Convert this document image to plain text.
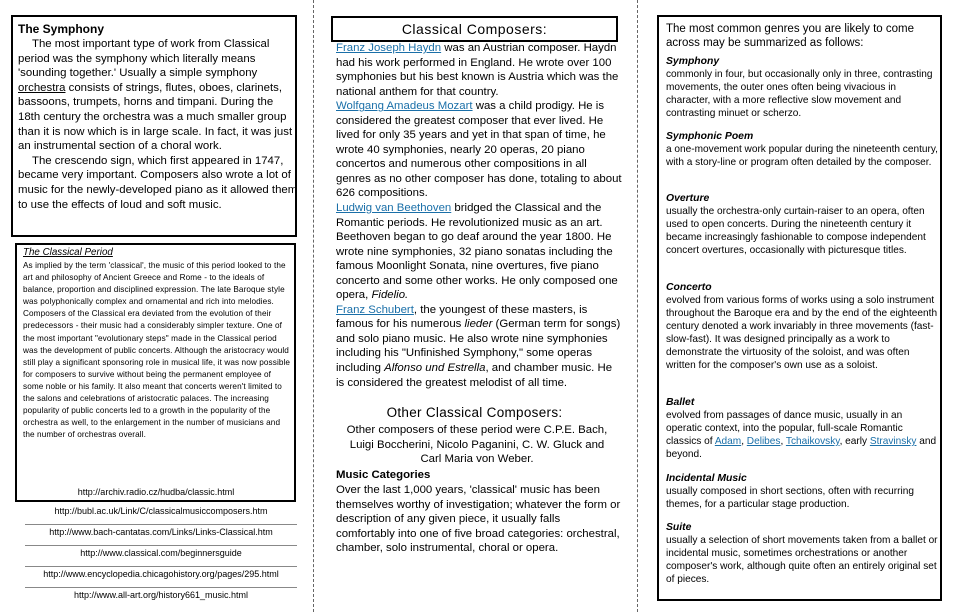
The Symphony

The most important type of work from Classical period was the symphony which literally means 'sounding together.' Usually a simple symphony orchestra consists of strings, flutes, oboes, clarinets, bassoons, trumpets, horns and timpani. During the 18th century the orchestra was a much smaller group than it is now which is in large scale. In fact, it was just an instrumental section of a choral work.

The crescendo sign, which first appeared in 1747, became very important. Composers also wrote a lot of music for the newly-developed piano as it allowed them to use the effects of loud and soft music.

The Classical Period
As implied by the term 'classical', the music of this period looked to the art and philosophy of Ancient Greece and Rome - to the ideals of balance, proportion and disciplined expression. The late Baroque style was polyphonically complex and ornamental and rich into melodies. Composers of the Classical era deviated from the evolution of their predecessors - their music had a considerably simpler texture. One of the most important "evolutionary steps" made in the Classical period was the development of public concerts. Although the aristocracy would still play a significant sponsoring role in musical life, it was now possible for composers to survive without being the permanent employee of some noble or his family. It also meant that concerts weren't limited to the salons and celebrations of aristocratic palaces. The increasing popularity of public concerts led to a growth in the popularity of the orchestra as well, to the enlargement in the number of musicians and the number of orchestras overall.
http://archiv.radio.cz/hudba/classic.html
http://bubl.ac.uk/Link/C/classicalmusiccomposers.htm
http://www.bach-cantatas.com/Links/Links-Classical.htm
http://www.classical.com/beginnersguide
http://www.encyclopedia.chicagohistory.org/pages/295.html
http://www.all-art.org/history661_music.html
Classical Composers:

Franz Joseph Haydn was an Austrian composer. Haydn had his work performed in England. He wrote over 100 symphonies but his best known is Austria which was the national anthem for that country.

Wolfgang Amadeus Mozart was a child prodigy. He is considered the greatest composer that ever lived. He lived for only 35 years and yet in that span of time, he wrote 40 symphonies, nearly 20 operas, 20 piano concertos and numerous other compositions in all genres as no other composer has done, totaling to about 626 compositions.

Ludwig van Beethoven bridged the Classical and the Romantic periods. He revolutionized music as an art. Beethoven began to go deaf around the year 1800. He wrote nine symphonies, 32 piano sonatas including the famous Moonlight Sonata, nine overtures, five piano concerto and some other works. He only composed one opera, Fidelio.

Franz Schubert, the youngest of these masters, is famous for his numerous lieder (German term for songs) and solo piano music. He also wrote nine symphonies including his "Unfinished Symphony," some operas including Alfonso und Estrella, and chamber music. He is considered the greatest melodist of all time.

Other Classical Composers:
Other composers of these period were C.P.E. Bach, Luigi Boccherini, Nicolo Paganini, C. W. Gluck and Carl Maria von Weber.
Music Categories
Over the last 1,000 years, 'classical' music has been themselves worthy of investigation; whatever the form or description of any given piece, it usually falls comfortably into one of five broad categories: orchestral, chamber, solo instrumental, choral or opera.
The most common genres you are likely to come across may be summarized as follows:

Symphony

commonly in four, but occasionally only in three, contrasting movements, the outer ones often being vivacious in character, with a more reflective slow movement and contrasting minuet or scherzo.

Symphonic Poem

a one-movement work popular during the nineteenth century, with a story-line or program often detailed by the composer.

Overture

usually the orchestra-only curtain-raiser to an opera, often used to open concerts. During the nineteenth century it became increasingly fashionable to compose independent concert overtures, occasionally with picturesque titles.

Concerto

evolved from various forms of works using a solo instrument throughout the Baroque era and by the end of the eighteenth century denoted a work invariably in three movements (fast-slow-fast). It was designed principally as a work to demonstrate the virtuosity of the soloist, and was often written for the composer's own use as a soloist.

Ballet

evolved from passages of dance music, usually in an operatic context, into the popular, full-scale Romantic classics of Adam, Delibes, Tchaikovsky, early Stravinsky and beyond.

Incidental Music

usually composed in short sections, often with recurring themes, for a particular stage production.

Suite

usually a selection of short movements taken from a ballet or incidental music, sometimes orchestrations or another composer's work, although quite often an entirely original set of pieces.
